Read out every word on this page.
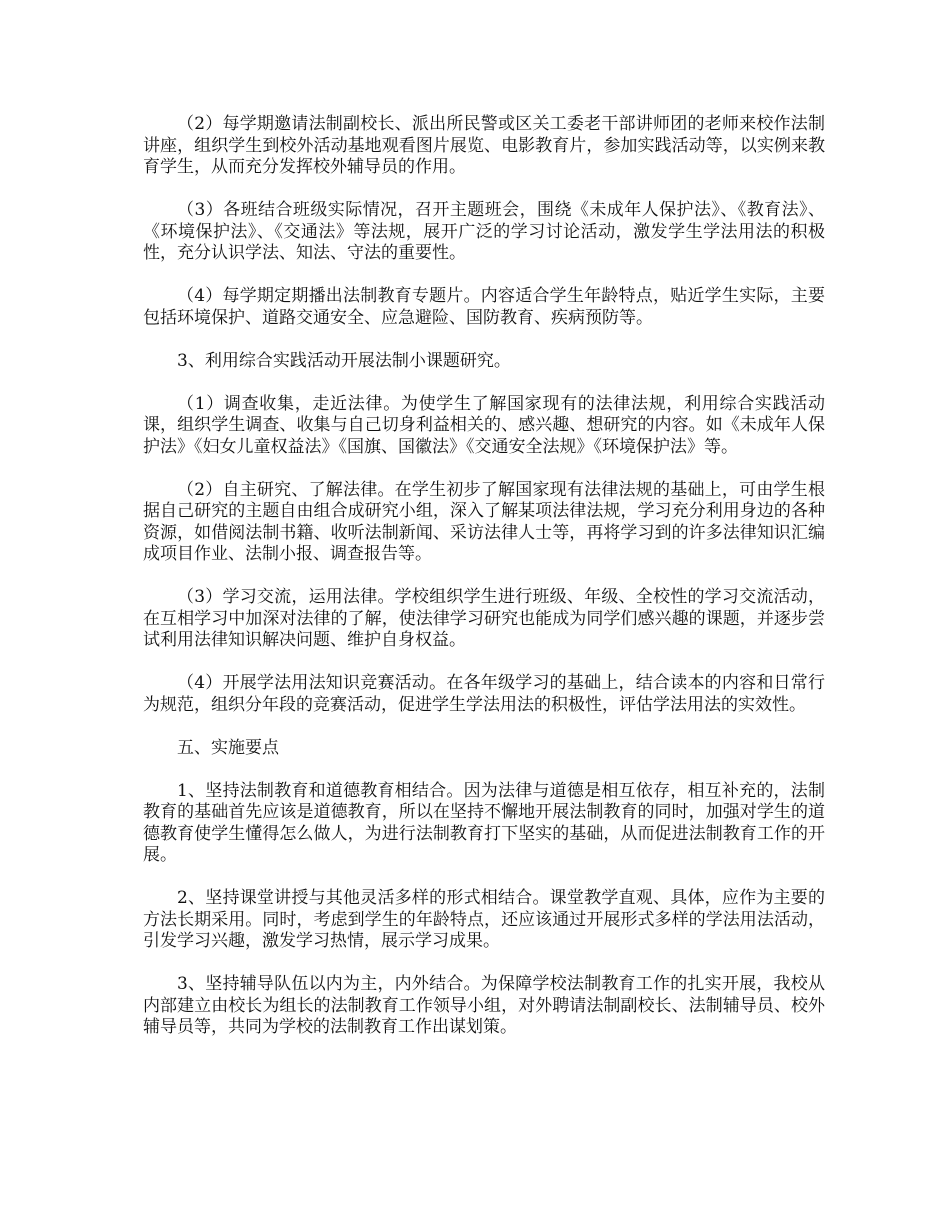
（2）每学期邀请法制副校长、派出所民警或区关工委老干部讲师团的老师来校作法制讲座，组织学生到校外活动基地观看图片展览、电影教育片，参加实践活动等，以实例来教育学生，从而充分发挥校外辅导员的作用。

（3）各班结合班级实际情况，召开主题班会，围绕《未成年人保护法》、《教育法》、《环境保护法》、《交通法》等法规，展开广泛的学习讨论活动，激发学生学法用法的积极性，充分认识学法、知法、守法的重要性。

（4）每学期定期播出法制教育专题片。内容适合学生年龄特点，贴近学生实际，主要包括环境保护、道路交通安全、应急避险、国防教育、疾病预防等。

3、利用综合实践活动开展法制小课题研究。

（1）调查收集，走近法律。为使学生了解国家现有的法律法规，利用综合实践活动课，组织学生调查、收集与自己切身利益相关的、感兴趣、想研究的内容。如《未成年人保护法》《妇女儿童权益法》《国旗、国徽法》《交通安全法规》《环境保护法》等。

（2）自主研究、了解法律。在学生初步了解国家现有法律法规的基础上，可由学生根据自己研究的主题自由组合成研究小组，深入了解某项法律法规，学习充分利用身边的各种资源，如借阅法制书籍、收听法制新闻、采访法律人士等，再将学习到的许多法律知识汇编成项目作业、法制小报、调查报告等。

（3）学习交流，运用法律。学校组织学生进行班级、年级、全校性的学习交流活动，在互相学习中加深对法律的了解，使法律学习研究也能成为同学们感兴趣的课题，并逐步尝试利用法律知识解决问题、维护自身权益。

（4）开展学法用法知识竞赛活动。在各年级学习的基础上，结合读本的内容和日常行为规范，组织分年段的竞赛活动，促进学生学法用法的积极性，评估学法用法的实效性。

五、实施要点

1、坚持法制教育和道德教育相结合。因为法律与道德是相互依存，相互补充的，法制教育的基础首先应该是道德教育，所以在坚持不懈地开展法制教育的同时，加强对学生的道德教育使学生懂得怎么做人，为进行法制教育打下坚实的基础，从而促进法制教育工作的开展。

2、坚持课堂讲授与其他灵活多样的形式相结合。课堂教学直观、具体，应作为主要的方法长期采用。同时，考虑到学生的年龄特点，还应该通过开展形式多样的学法用法活动，引发学习兴趣，激发学习热情，展示学习成果。

3、坚持辅导队伍以内为主，内外结合。为保障学校法制教育工作的扎实开展，我校从内部建立由校长为组长的法制教育工作领导小组，对外聘请法制副校长、法制辅导员、校外辅导员等，共同为学校的法制教育工作出谋划策。
